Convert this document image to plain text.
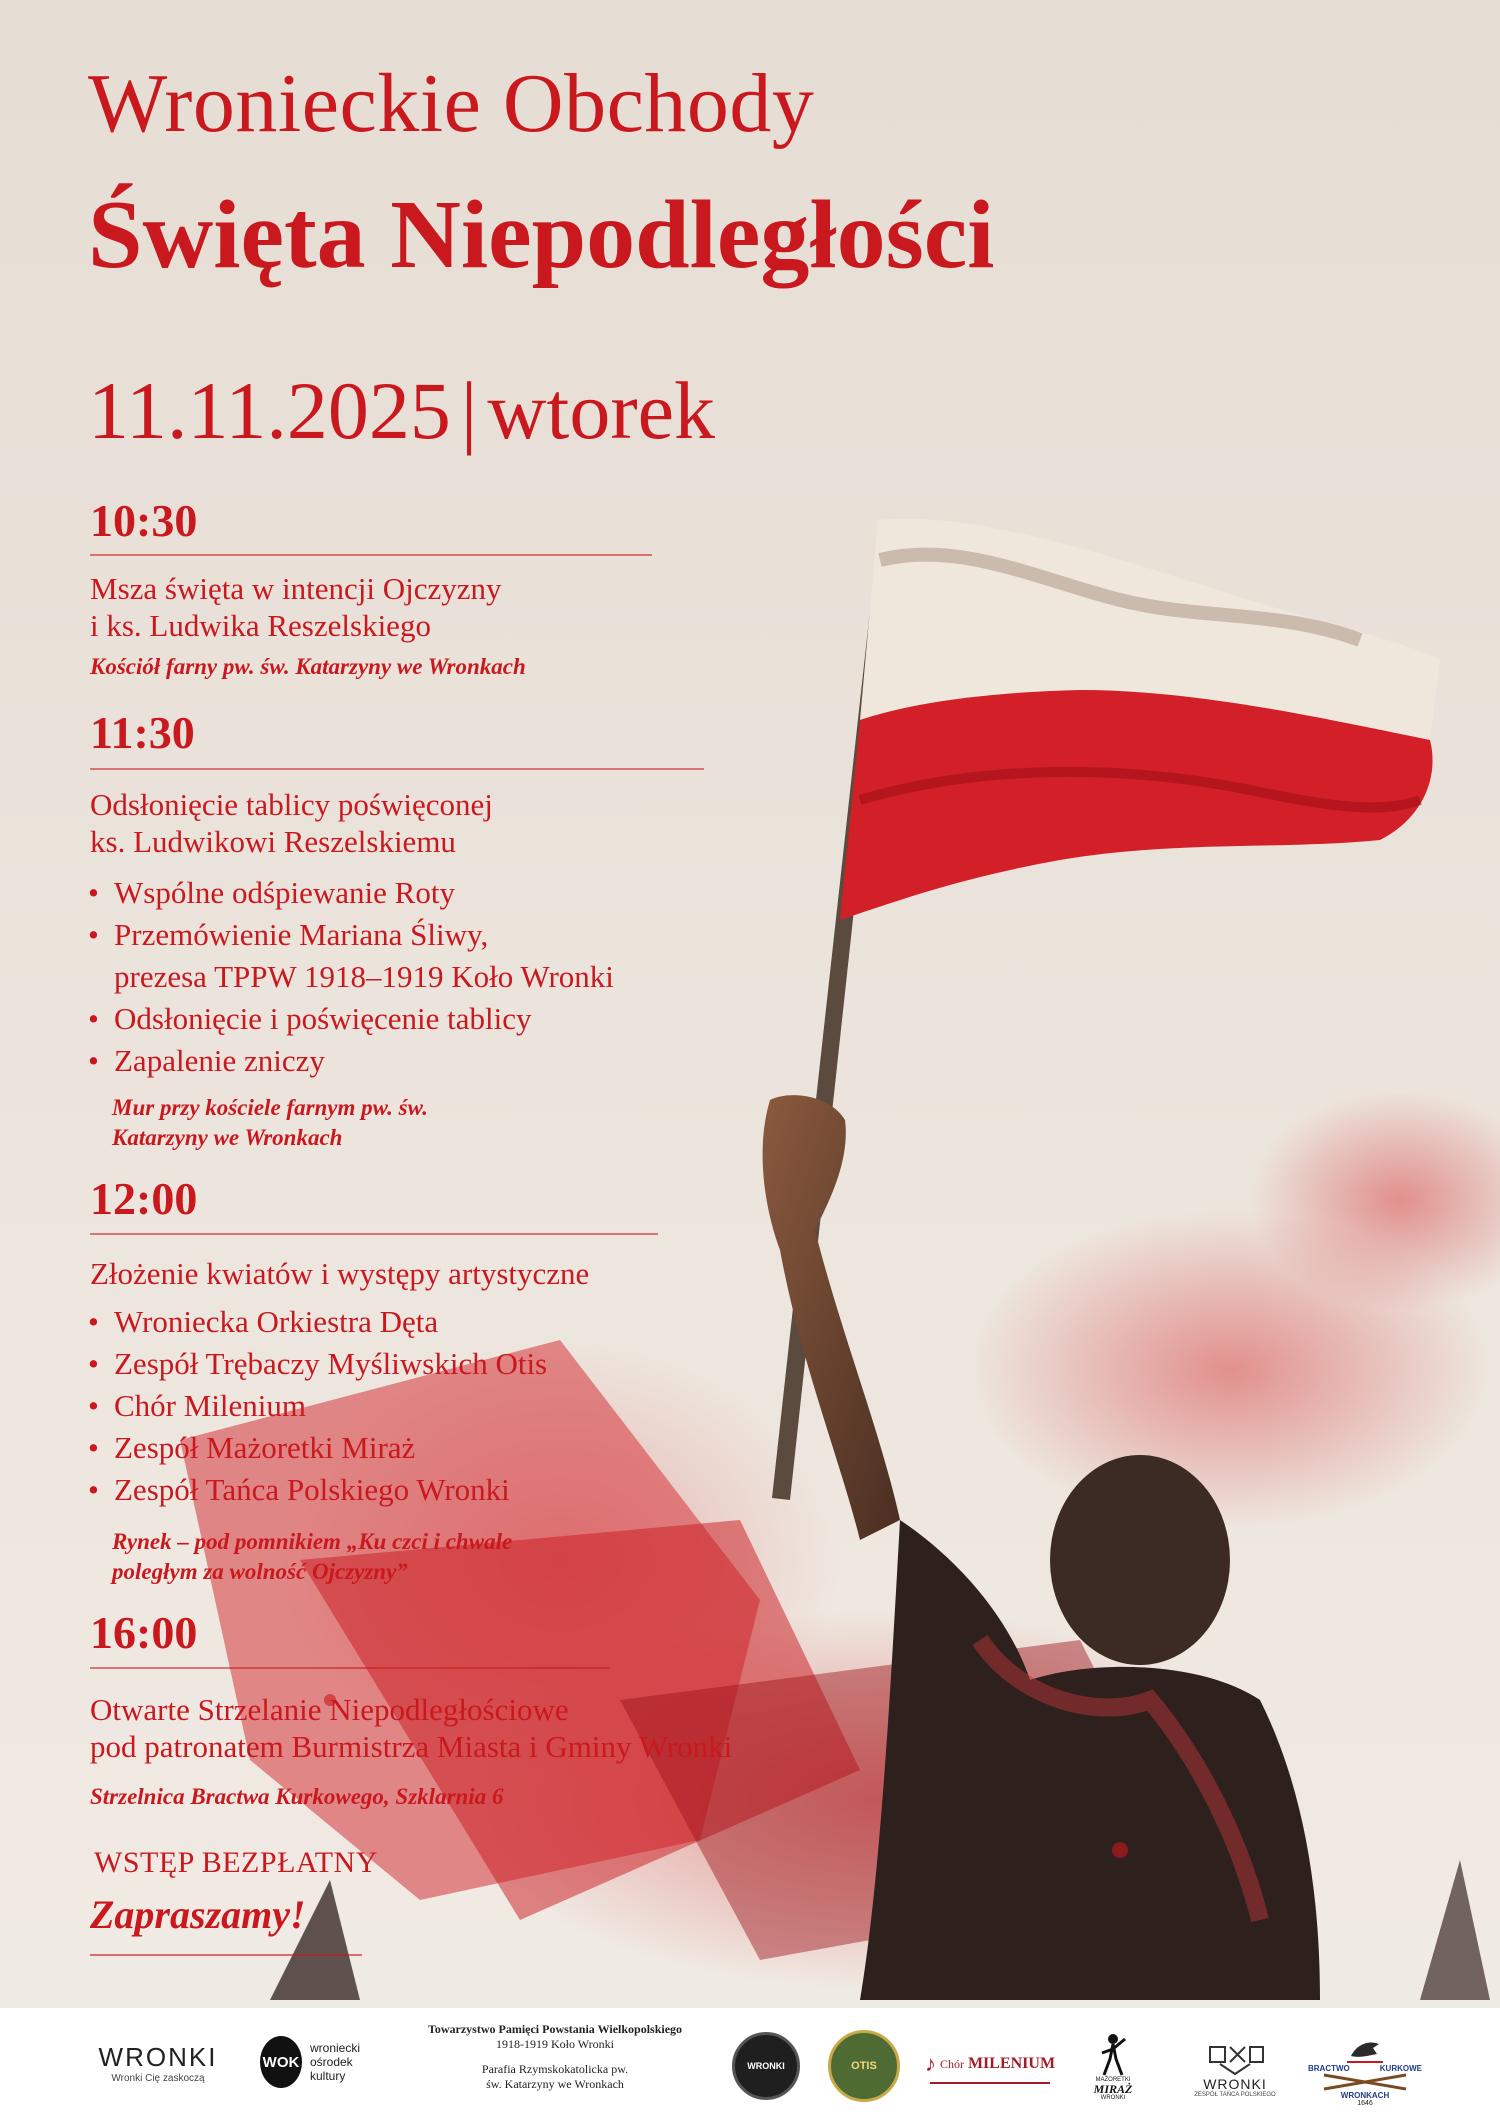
Wronieckie Obchody
Święta Niepodległości
11.11.2025 | wtorek
10:30
Msza święta w intencji Ojczyzny
i ks. Ludwika Reszelskiego
Kościół farny pw. św. Katarzyny we Wronkach
11:30
Odsłonięcie tablicy poświęconej
ks. Ludwikowi Reszelskiemu
• Wspólne odśpiewanie Roty
• Przemówienie Mariana Śliwy,
prezesa TPPW 1918–1919 Koło Wronki
• Odsłonięcie i poświęcenie tablicy
• Zapalenie zniczy
Mur przy kościele farnym pw. św.
Katarzyny we Wronkach
12:00
Złożenie kwiatów i występy artystyczne
• Wroniecka Orkiestra Dęta
• Zespół Trębaczy Myśliwskich Otis
• Chór Milenium
• Zespół Mażoretki Miraż
• Zespół Tańca Polskiego Wronki
Rynek – pod pomnikiem „Ku czci i chwale
poległym za wolność Ojczyzny”
16:00
Otwarte Strzelanie Niepodległościowe
pod patronatem Burmistrza Miasta i Gminy Wronki
Strzelnica Bractwa Kurkowego, Szklarnia 6
WSTĘP BEZPŁATNY
Zapraszamy!
WRONKI
Wronki Cię zaskoczą
WOK
wroniecki
ośrodek
kultury
Towarzystwo Pamięci Powstania Wielkopolskiego
1918-1919 Koło Wronki
Parafia Rzymskokatolicka pw.
św. Katarzyny we Wronkach
WRONKI	OTIS ♪ Chór MILENIUM
MAŻORETKI
MIRAŻ
WRONKI
WRONKI
ZESPÓŁ TAŃCA POLSKIEGO
BRACTWO	KURKOWE
WRONKACH
1646
